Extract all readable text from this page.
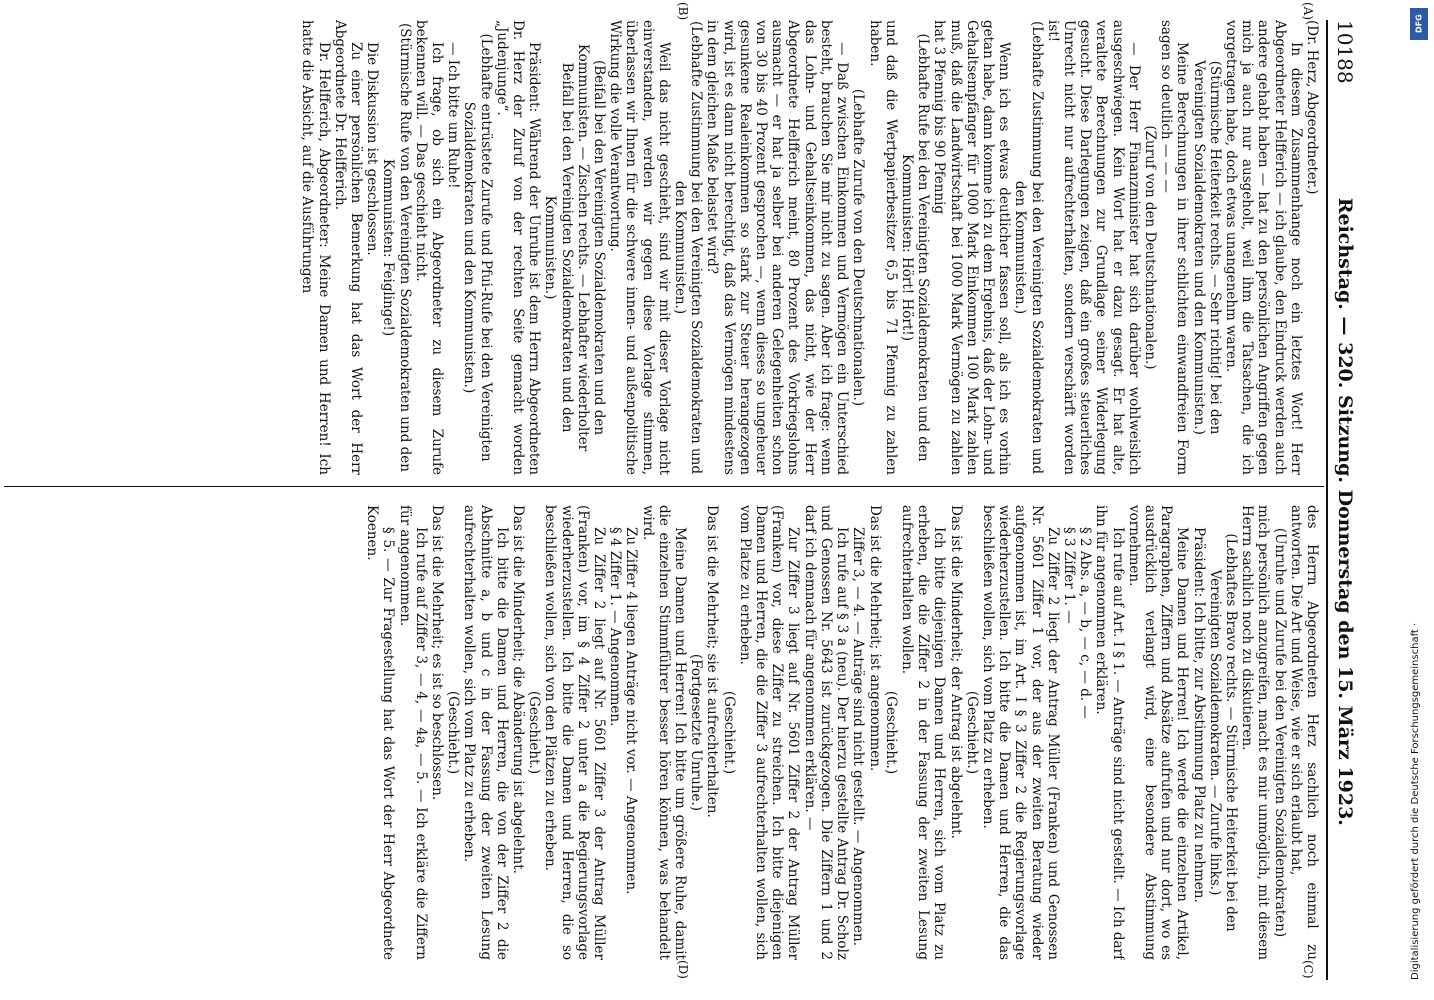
10188
Reichstag. — 320. Sitzung. Donnerstag den 15. März 1923.
(A)
(B)
(C)
(D)

(Dr. Herz, Abgeordneter.)

In diesem Zusammenhange noch ein letztes Wort! Herr Abgeordneter Helfferich — ich glaube, den Eindruck werden auch andere gehabt haben — hat zu den persönlichen Angriffen gegen mich ja auch nur ausgeholt, weil ihm die Tatsachen, die ich vorgetragen habe, doch etwas unangenehm waren.

(Stürmische Heiterkeit rechts. — Sehr richtig! bei den Vereinigten Sozialdemokraten und den Kommunisten.)

Meine Berechnungen in ihrer schlichten einwandfreien Form sagen so deutlich — — —

(Zuruf von den Deutschnationalen.)

— Der Herr Finanzminister hat sich darüber wohlweislich ausgeschwiegen. Kein Wort hat er dazu gesagt. Er hat alte, veraltete Berechnungen zur Grundlage seiner Widerlegung gesucht. Diese Darlegungen zeigen, daß ein großes steuerliches Unrecht nicht nur aufrechterhalten, sondern verschärft worden ist!

(Lebhafte Zustimmung bei den Vereinigten Sozialdemokraten und den Kommunisten.)

Wenn ich es etwas deutlicher fassen soll, als ich es vorhin getan habe, dann komme ich zu dem Ergebnis, daß der Lohn- und Gehaltsempfänger für 1000 Mark Einkommen 100 Mark zahlen muß, daß die Landwirtschaft bei 1000 Mark Vermögen zu zahlen hat 3 Pfennig bis 90 Pfennig

(Lebhafte Rufe bei den Vereinigten Sozialdemokraten und den Kommunisten: Hört! Hört!)

und daß die Wertpapierbesitzer 6,5 bis 71 Pfennig zu zahlen haben.

(Lebhafte Zurufe von den Deutschnationalen.)

— Daß zwischen Einkommen und Vermögen ein Unterschied besteht, brauchen Sie mir nicht zu sagen. Aber ich frage: wenn das Lohn- und Gehaltseinkommen, das nicht, wie der Herr Abgeordnete Helfferich meint, 80 Prozent des Vorkriegslohns ausmacht — er hat ja selber bei anderen Gelegenheiten schon von 30 bis 40 Prozent gesprochen —, wenn dieses so ungeheuer gesunkene Realeinkommen so stark zur Steuer herangezogen wird, ist es dann nicht berechtigt, daß das Vermögen mindestens in dem gleichen Maße belastet wird?

(Lebhafte Zustimmung bei den Vereinigten Sozialdemokraten und den Kommunisten.)

Weil das nicht geschieht, sind wir mit dieser Vorlage nicht einverstanden, werden wir gegen diese Vorlage stimmen, überlassen wir Ihnen für die schwere innen- und außenpolitische Wirkung die volle Verantwortung.

(Beifall bei den Vereinigten Sozialdemokraten und den Kommunisten. — Zischen rechts. — Lebhafter wiederholter Beifall bei den Vereinigten Sozialdemokraten und den Kommunisten.)

Präsident: Während der Unruhe ist dem Herrn Abgeordneten Dr. Herz der Zuruf von der rechten Seite gemacht worden „Judenjunge“.

(Lebhafte entrüstete Zurufe und Pfui-Rufe bei den Vereinigten Sozialdemokraten und den Kommunisten.)

— Ich bitte um Ruhe!

Ich frage, ob sich ein Abgeordneter zu diesem Zurufe bekennen will. — Das geschieht nicht.

(Stürmische Rufe von den Vereinigten Sozialdemokraten und den Kommunisten: Feiglinge!)

Die Diskussion ist geschlossen.

Zu einer persönlichen Bemerkung hat das Wort der Herr Abgeordnete Dr. Helfferich.

Dr. Helfferich, Abgeordneter: Meine Damen und Herren! Ich hatte die Absicht, auf die Ausführungen

des Herrn Abgeordneten Herz sachlich noch einmal zu antworten. Die Art und Weise, wie er sich erlaubt hat,

(Unruhe und Zurufe bei den Vereinigten Sozialdemokraten)

mich persönlich anzugreifen, macht es mir unmöglich, mit diesem Herrn sachlich noch zu diskutieren.

(Lebhaftes Bravo rechts. — Stürmische Heiterkeit bei den Vereinigten Sozialdemokraten. — Zurufe links.)

Präsident: Ich bitte, zur Abstimmung Platz zu nehmen.

Meine Damen und Herren! Ich werde die einzelnen Artikel, Paragraphen, Ziffern und Absätze aufrufen und nur dort, wo es ausdrücklich verlangt wird, eine besondere Abstimmung vornehmen.

Ich rufe auf Art. I § 1. — Anträge sind nicht gestellt. — Ich darf ihn für angenommen erklären.

§ 2 Abs. a, — b, — c, — d. —

§ 3 Ziffer 1. —

Zu Ziffer 2 liegt der Antrag Müller (Franken) und Genossen Nr. 5601 Ziffer 1 vor, der aus der zweiten Beratung wieder aufgenommen ist, im Art. I § 3 Ziffer 2 die Regierungsvorlage wiederherzustellen. Ich bitte die Damen und Herren, die das beschließen wollen, sich vom Platz zu erheben.

(Geschieht.)

Das ist die Minderheit; der Antrag ist abgelehnt.

Ich bitte diejenigen Damen und Herren, sich vom Platz zu erheben, die die Ziffer 2 in der Fassung der zweiten Lesung aufrechterhalten wollen.

(Geschieht.)

Das ist die Mehrheit; ist angenommen.

Ziffer 3, — 4. — Anträge sind nicht gestellt. — Angenommen.

Ich rufe auf § 3 a (neu). Der hierzu gestellte Antrag Dr. Scholz und Genossen Nr. 5643 ist zurückgezogen. Die Ziffern 1 und 2 darf ich demnach für angenommen erklären. —

Zur Ziffer 3 liegt auf Nr. 5601 Ziffer 2 der Antrag Müller (Franken) vor, diese Ziffer zu streichen. Ich bitte diejenigen Damen und Herren, die die Ziffer 3 aufrechterhalten wollen, sich vom Platze zu erheben.

(Geschieht.)

Das ist die Mehrheit; sie ist aufrechterhalten.

(Fortgesetzte Unruhe.)

Meine Damen und Herren! Ich bitte um größere Ruhe, damit die einzelnen Stimmführer besser hören können, was behandelt wird.

Zu Ziffer 4 liegen Anträge nicht vor. — Angenommen.

§ 4 Ziffer 1. — Angenommen.

Zu Ziffer 2 liegt auf Nr. 5601 Ziffer 3 der Antrag Müller (Franken) vor, im § 4 Ziffer 2 unter a die Regierungsvorlage wiederherzustellen. Ich bitte die Damen und Herren, die so beschließen wollen, sich von den Plätzen zu erheben.

(Geschieht.)

Das ist die Minderheit; die Abänderung ist abgelehnt.

Ich bitte die Damen und Herren, die von der Ziffer 2 die Abschnitte a, b und c in der Fassung der zweiten Lesung aufrechterhalten wollen, sich vom Platz zu erheben.

(Geschieht.)

Das ist die Mehrheit; es ist so beschlossen.

Ich rufe auf Ziffer 3, — 4, — 4a, — 5. — Ich erkläre die Ziffern für angenommen.

§ 5. — Zur Fragestellung hat das Wort der Herr Abgeordnete Koenen.

DFG
Digitalisierung gefördert durch die Deutsche Forschungsgemeinschaft ·
